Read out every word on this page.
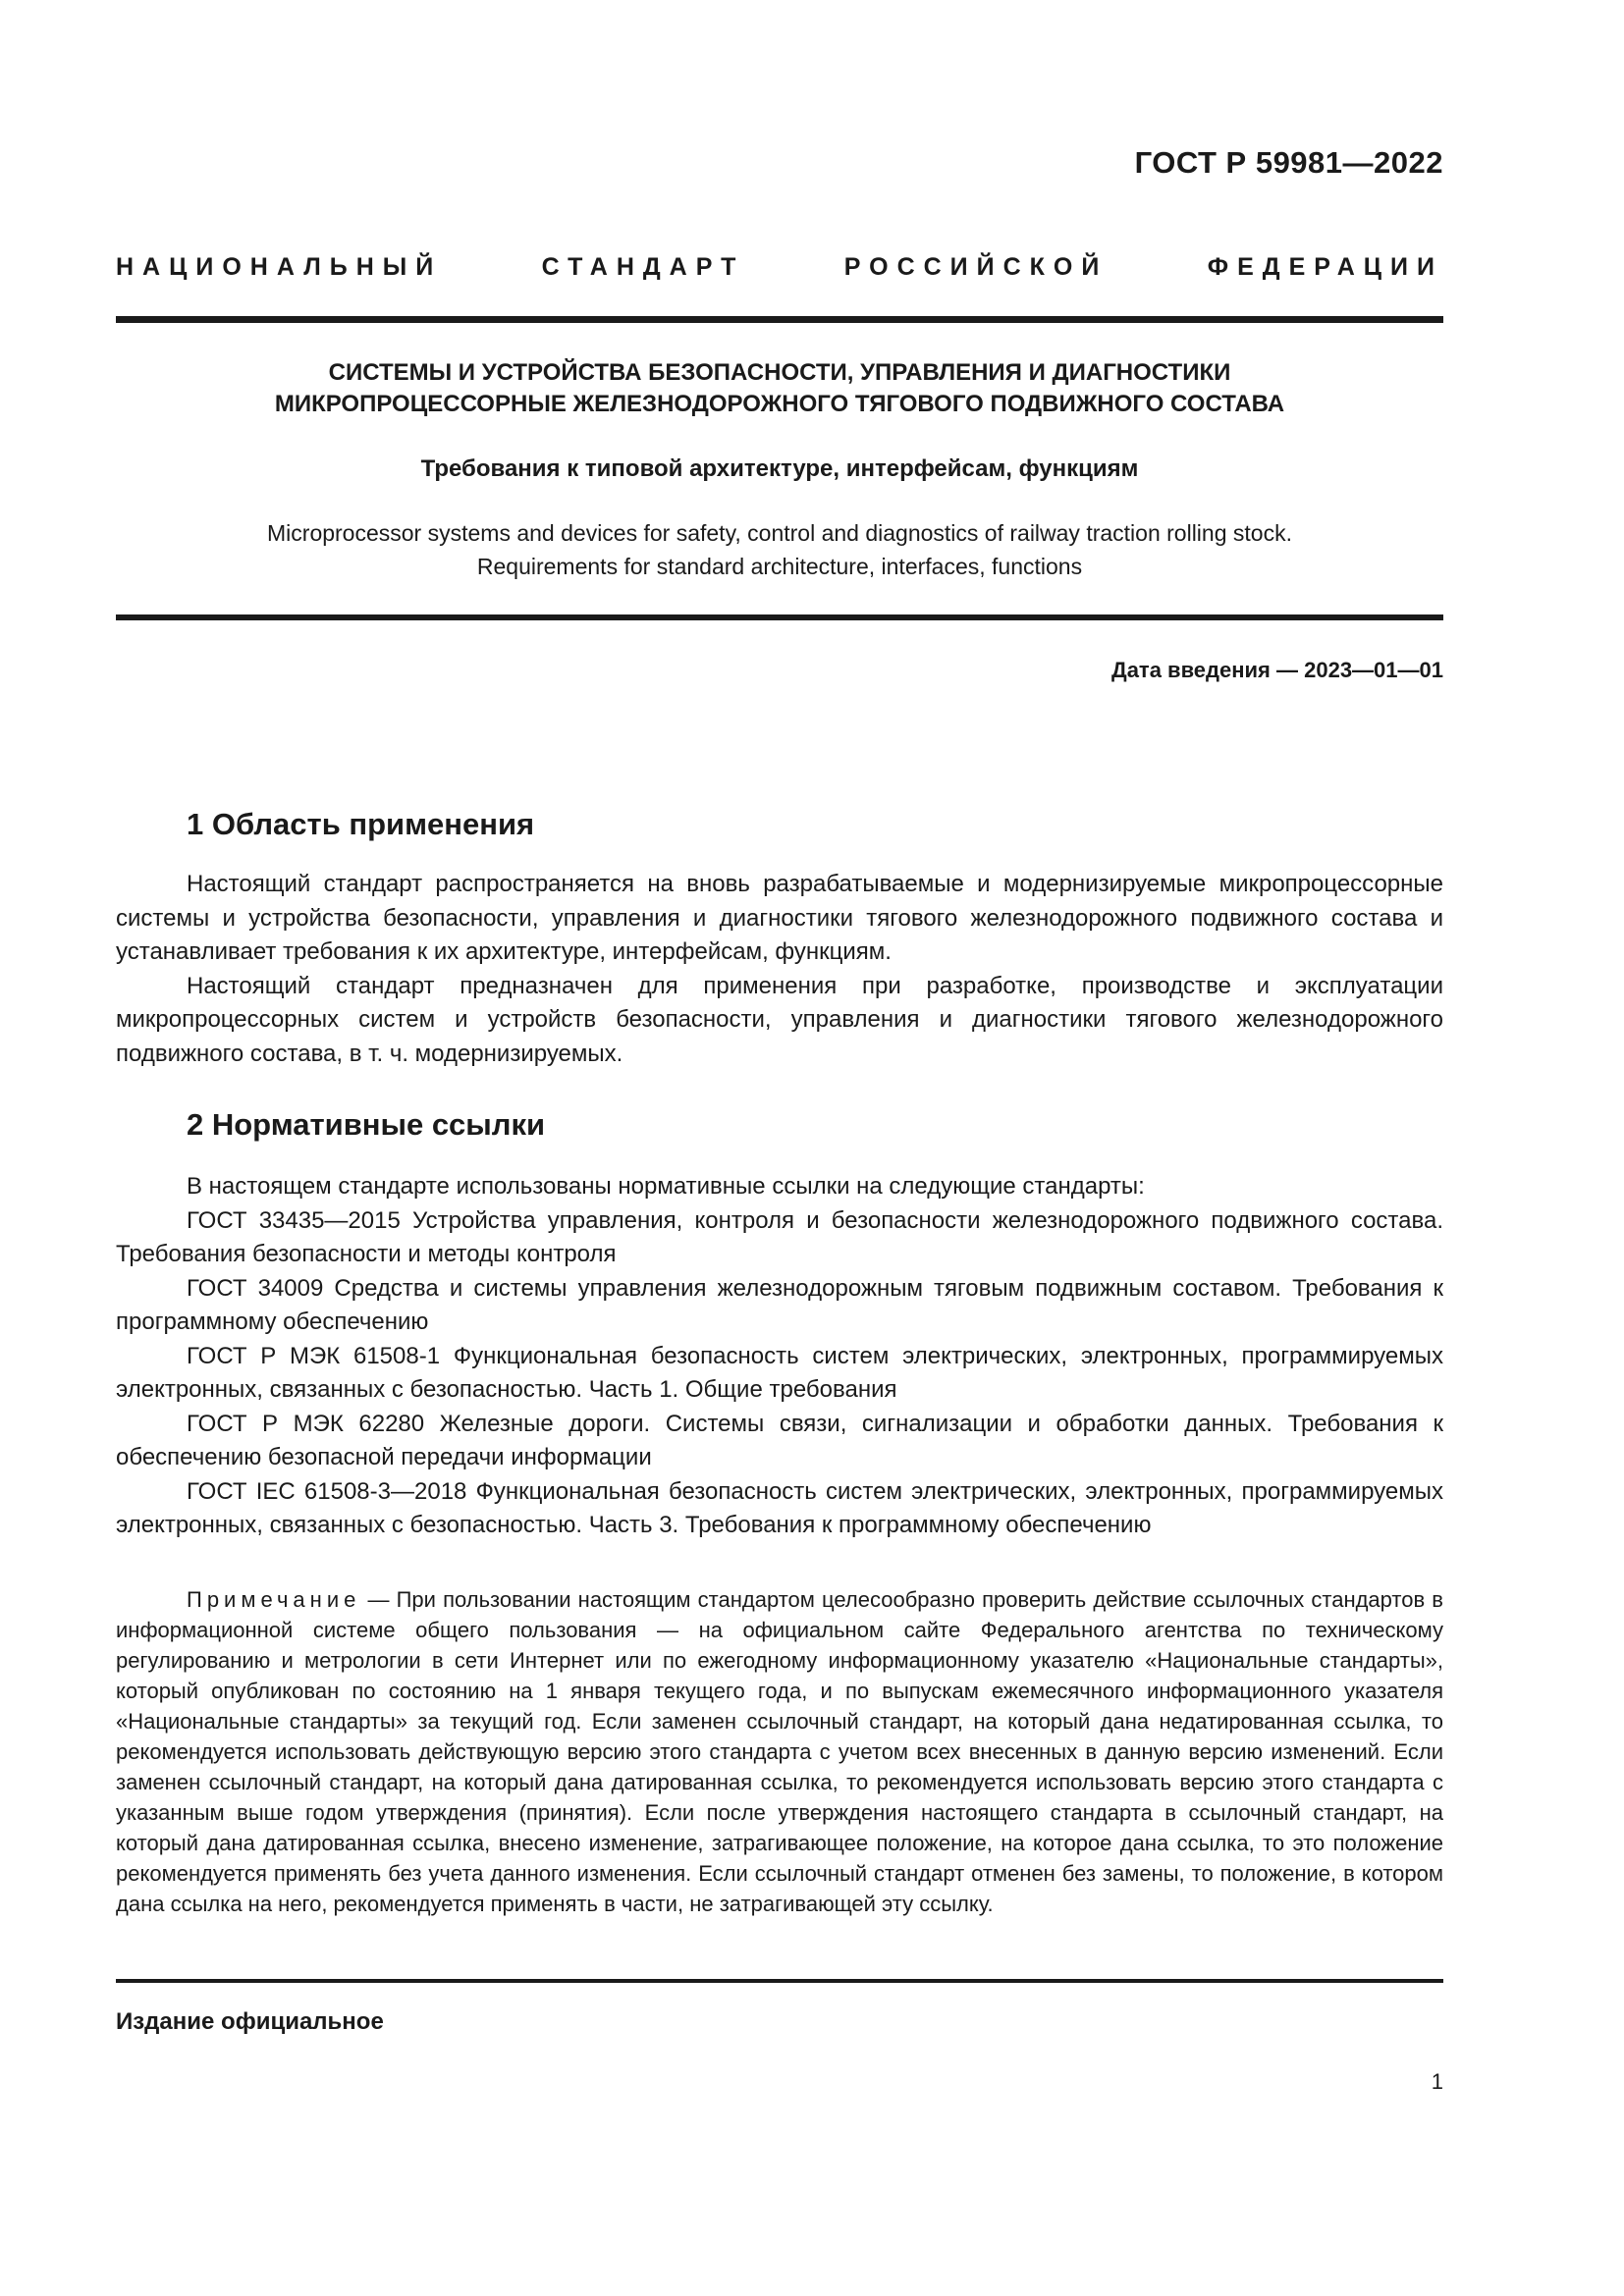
ГОСТ Р 59981—2022
НАЦИОНАЛЬНЫЙ СТАНДАРТ РОССИЙСКОЙ ФЕДЕРАЦИИ
СИСТЕМЫ И УСТРОЙСТВА БЕЗОПАСНОСТИ, УПРАВЛЕНИЯ И ДИАГНОСТИКИ
МИКРОПРОЦЕССОРНЫЕ ЖЕЛЕЗНОДОРОЖНОГО ТЯГОВОГО ПОДВИЖНОГО СОСТАВА
Требования к типовой архитектуре, интерфейсам, функциям
Microprocessor systems and devices for safety, control and diagnostics of railway traction rolling stock.
Requirements for standard architecture, interfaces, functions
Дата введения — 2023—01—01
1 Область применения

Настоящий стандарт распространяется на вновь разрабатываемые и модернизируемые микропроцессорные системы и устройства безопасности, управления и диагностики тягового железнодорожного подвижного состава и устанавливает требования к их архитектуре, интерфейсам, функциям.

Настоящий стандарт предназначен для применения при разработке, производстве и эксплуатации микропроцессорных систем и устройств безопасности, управления и диагностики тягового железнодорожного подвижного состава, в т. ч. модернизируемых.

2 Нормативные ссылки

В настоящем стандарте использованы нормативные ссылки на следующие стандарты:

ГОСТ 33435—2015 Устройства управления, контроля и безопасности железнодорожного подвижного состава. Требования безопасности и методы контроля

ГОСТ 34009 Средства и системы управления железнодорожным тяговым подвижным составом. Требования к программному обеспечению

ГОСТ Р МЭК 61508-1 Функциональная безопасность систем электрических, электронных, программируемых электронных, связанных с безопасностью. Часть 1. Общие требования

ГОСТ Р МЭК 62280 Железные дороги. Системы связи, сигнализации и обработки данных. Требования к обеспечению безопасной передачи информации

ГОСТ IEC 61508-3—2018 Функциональная безопасность систем электрических, электронных, программируемых электронных, связанных с безопасностью. Часть 3. Требования к программному обеспечению

Примечание — При пользовании настоящим стандартом целесообразно проверить действие ссылочных стандартов в информационной системе общего пользования — на официальном сайте Федерального агентства по техническому регулированию и метрологии в сети Интернет или по ежегодному информационному указателю «Национальные стандарты», который опубликован по состоянию на 1 января текущего года, и по выпускам ежемесячного информационного указателя «Национальные стандарты» за текущий год. Если заменен ссылочный стандарт, на который дана недатированная ссылка, то рекомендуется использовать действующую версию этого стандарта с учетом всех внесенных в данную версию изменений. Если заменен ссылочный стандарт, на который дана датированная ссылка, то рекомендуется использовать версию этого стандарта с указанным выше годом утверждения (принятия). Если после утверждения настоящего стандарта в ссылочный стандарт, на который дана датированная ссылка, внесено изменение, затрагивающее положение, на которое дана ссылка, то это положение рекомендуется применять без учета данного изменения. Если ссылочный стандарт отменен без замены, то положение, в котором дана ссылка на него, рекомендуется применять в части, не затрагивающей эту ссылку.

Издание официальное
1
